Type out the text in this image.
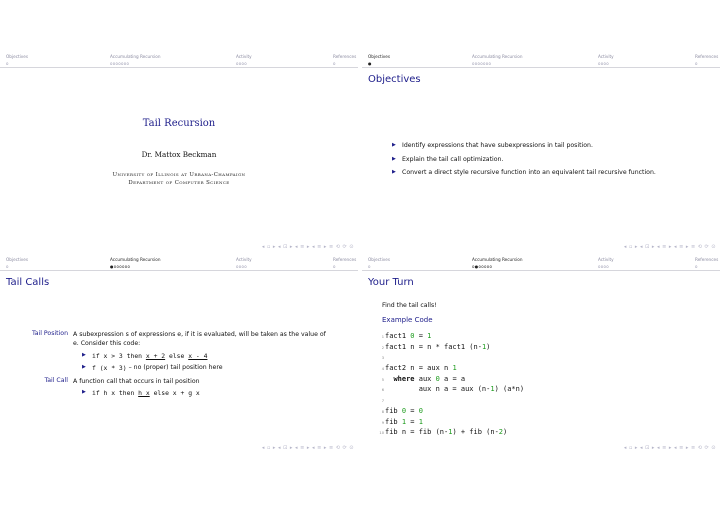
Objectives	Accumulating Recursion	Activity	References
o	ooooooo	oooo	o
Tail Recursion
Dr. Mattox Beckman
University of Illinois at Urbana-Champaign
Department of Computer Science
◂ ▫ ▸ ◂ ⊡ ▸ ◂ ≡ ▸ ◂ ≡ ▸ ≡ ⟲ ⟳ ⊙
Objectives	Accumulating Recursion	Activity	References
●	ooooooo	oooo	o
Objectives
▶ Identify expressions that have subexpressions in tail position.
▶ Explain the tail call optimization.
▶ Convert a direct style recursive function into an equivalent tail recursive function.
◂ ▫ ▸ ◂ ⊡ ▸ ◂ ≡ ▸ ◂ ≡ ▸ ≡ ⟲ ⟳ ⊙
Objectives	Accumulating Recursion	Activity	References
o	●oooooo	oooo	o
Tail Calls
Tail Position A subexpression s of expressions e, if it is evaluated, will be taken as the value of
e. Consider this code:
▶ if x > 3 then x + 2 else x - 4
▶ f (x * 3) – no (proper) tail position here
Tail Call A function call that occurs in tail position
▶ if h x then h x else x + g x
◂ ▫ ▸ ◂ ⊡ ▸ ◂ ≡ ▸ ◂ ≡ ▸ ≡ ⟲ ⟳ ⊙
Objectives	Accumulating Recursion	Activity	References
o	o●ooooo	oooo	o
Your Turn
Find the tail calls!
Example Code
1 fact1 0 = 1
2 fact1 n = n * fact1 (n-1)
3
4 fact2 n = aux n 1
5	where aux 0 a = a
6 aux n a = aux (n-1) (a*n)
7
8 fib 0 = 0
9 fib 1 = 1
10 fib n = fib (n-1) + fib (n-2)
◂ ▫ ▸ ◂ ⊡ ▸ ◂ ≡ ▸ ◂ ≡ ▸ ≡ ⟲ ⟳ ⊙
